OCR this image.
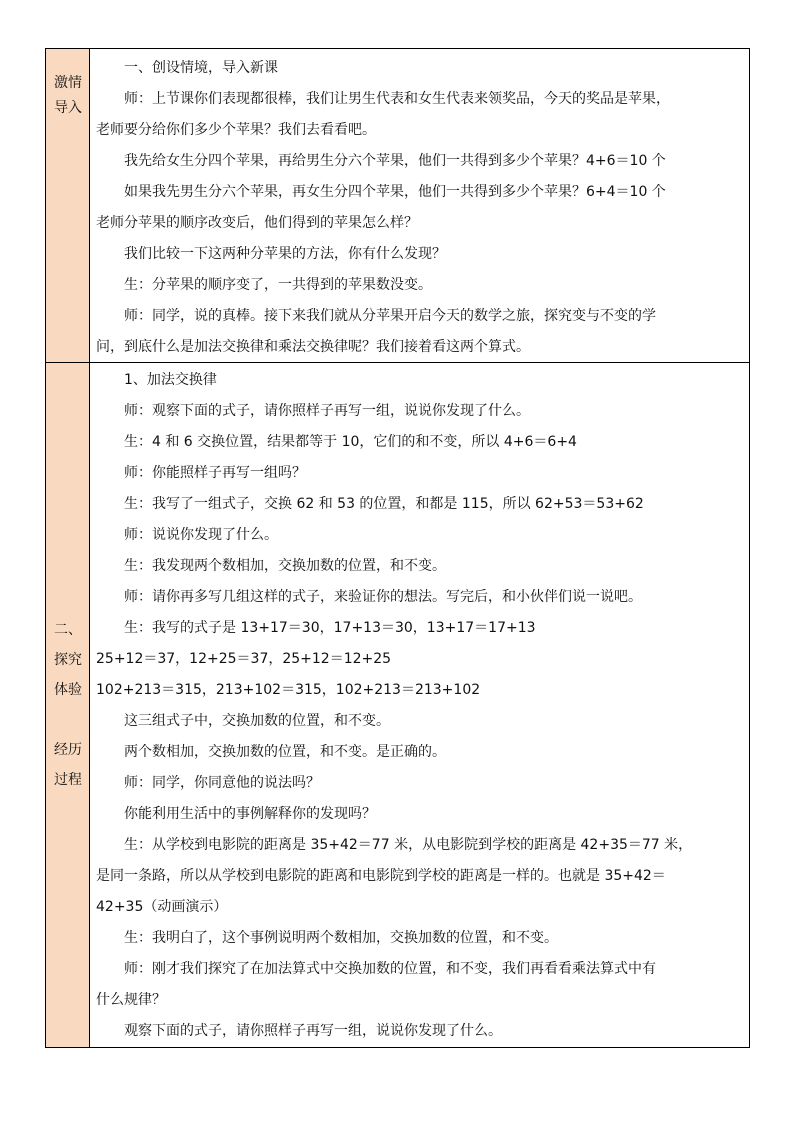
激情
导入
一、创设情境，导入新课
师：上节课你们表现都很棒，我们让男生代表和女生代表来领奖品，今天的奖品是苹果，
老师要分给你们多少个苹果？我们去看看吧。
我先给女生分四个苹果，再给男生分六个苹果，他们一共得到多少个苹果？4+6＝10 个
如果我先男生分六个苹果，再女生分四个苹果，他们一共得到多少个苹果？6+4＝10 个
老师分苹果的顺序改变后，他们得到的苹果怎么样？
我们比较一下这两种分苹果的方法，你有什么发现？
生：分苹果的顺序变了，一共得到的苹果数没变。
师：同学，说的真棒。接下来我们就从分苹果开启今天的数学之旅，探究变与不变的学
问，到底什么是加法交换律和乘法交换律呢？我们接着看这两个算式。
二、
探究
体验
经历
过程
1、加法交换律
师：观察下面的式子，请你照样子再写一组，说说你发现了什么。
生：4 和 6 交换位置，结果都等于 10，它们的和不变，所以 4+6＝6+4
师：你能照样子再写一组吗？
生：我写了一组式子，交换 62 和 53 的位置，和都是 115，所以 62+53＝53+62
师：说说你发现了什么。
生：我发现两个数相加，交换加数的位置，和不变。
师：请你再多写几组这样的式子，来验证你的想法。写完后，和小伙伴们说一说吧。
生：我写的式子是 13+17＝30，17+13＝30，13+17＝17+13
25+12＝37，12+25＝37，25+12＝12+25
102+213＝315，213+102＝315，102+213＝213+102
这三组式子中，交换加数的位置，和不变。
两个数相加，交换加数的位置，和不变。是正确的。
师：同学，你同意他的说法吗？
你能利用生活中的事例解释你的发现吗？
生：从学校到电影院的距离是 35+42＝77 米，从电影院到学校的距离是 42+35＝77 米，
是同一条路，所以从学校到电影院的距离和电影院到学校的距离是一样的。也就是 35+42＝
42+35（动画演示）
生：我明白了，这个事例说明两个数相加，交换加数的位置，和不变。
师：刚才我们探究了在加法算式中交换加数的位置，和不变，我们再看看乘法算式中有
什么规律？
观察下面的式子，请你照样子再写一组，说说你发现了什么。
